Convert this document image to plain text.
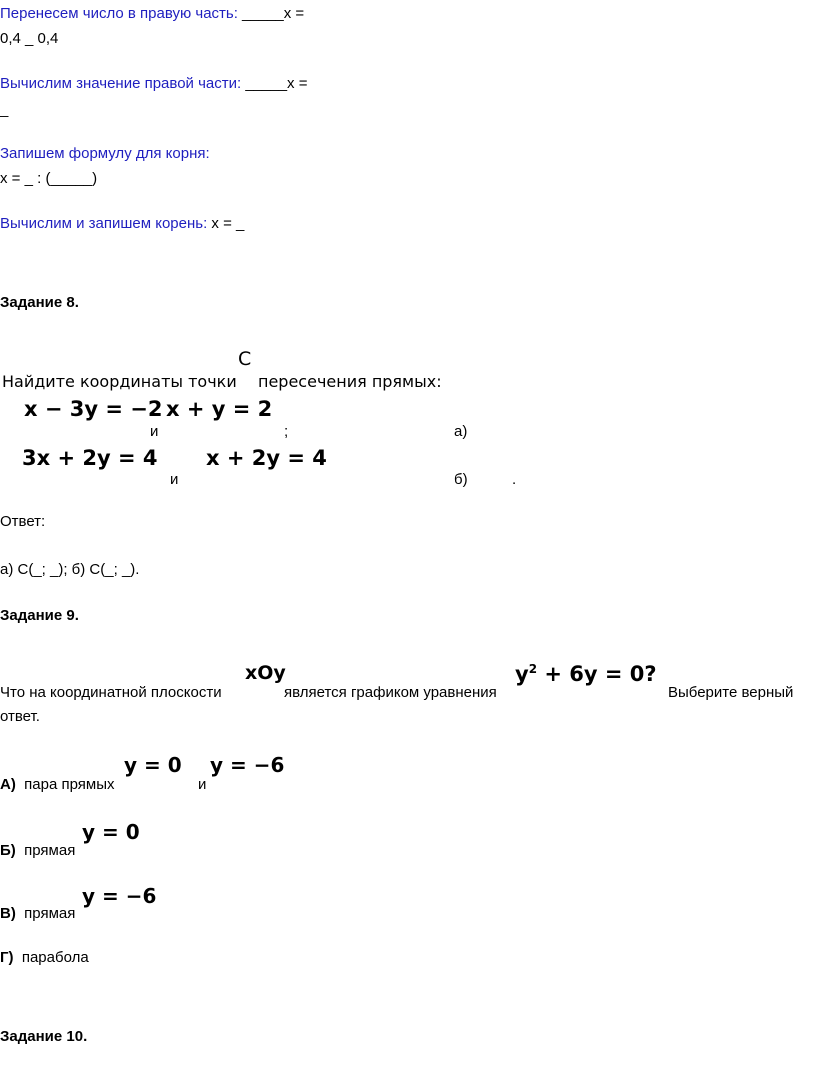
Перенесем число в правую часть: _____x =
0,4 _ 0,4
Вычислим значение правой части: _____x =
_
Запишем формулу для корня:
x = _ : (_____)
Вычислим и запишем корень: x = _
Задание 8.
C
Найдите координаты точки пересечения прямых:
x − 3y = −2
и
x + y = 2
;	а)
3x + 2y = 4
и
x + 2y = 4
б)	.
Ответ:
а) C(_; _); б) C(_; _).
Задание 9.
xOy
Что на координатной плоскости	является графиком уравнения
$y^2 + 6y = 0$?
Выберите верный
ответ.
А) пара прямых
y = 0
и
y = −6
Б) прямая
y = 0
В) прямая
y = −6
Г) парабола
Задание 10.
